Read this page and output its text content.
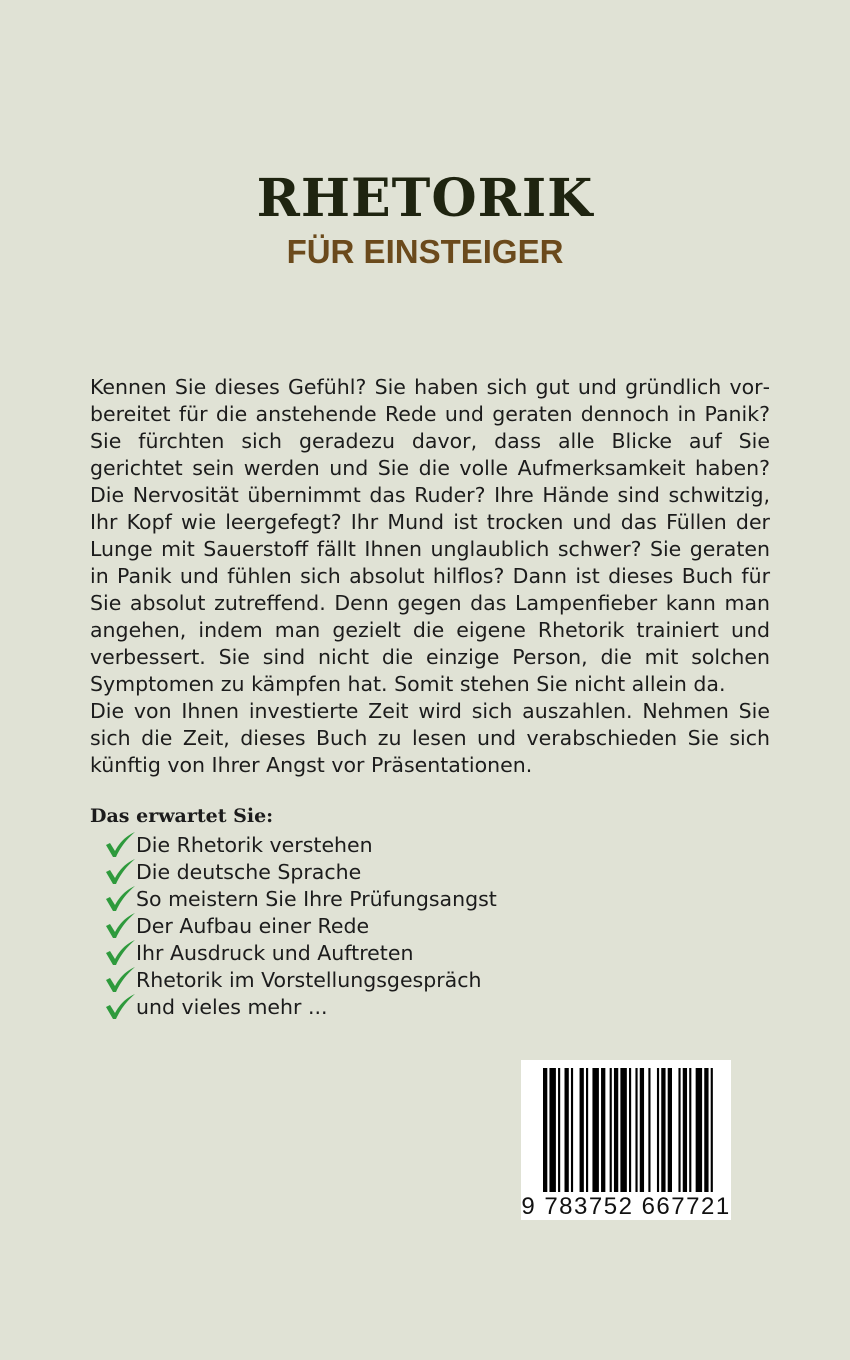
RHETORIK
FÜR EINSTEIGER

Kennen Sie dieses Gefühl? Sie haben sich gut und gründlich vorbereitet für die anstehende Rede und geraten dennoch in Panik? Sie fürchten sich geradezu davor, dass alle Blicke auf Sie gerichtet sein werden und Sie die volle Aufmerksamkeit haben? Die Nervosität übernimmt das Ruder? Ihre Hände sind schwitzig, Ihr Kopf wie leergefegt? Ihr Mund ist trocken und das Füllen der Lunge mit Sauerstoff fällt Ihnen unglaublich schwer? Sie geraten in Panik und fühlen sich absolut hilflos? Dann ist dieses Buch für Sie absolut zutreffend. Denn gegen das Lampenfieber kann man angehen, indem man gezielt die eigene Rhetorik trainiert und verbessert. Sie sind nicht die einzige Person, die mit solchen Symptomen zu kämpfen hat. Somit stehen Sie nicht allein da.

Die von Ihnen investierte Zeit wird sich auszahlen. Nehmen Sie sich die Zeit, dieses Buch zu lesen und verabschieden Sie sich künftig von Ihrer Angst vor Präsentationen.

Das erwartet Sie:
Die Rhetorik verstehen
Die deutsche Sprache
So meistern Sie Ihre Prüfungsangst
Der Aufbau einer Rede
Ihr Ausdruck und Auftreten
Rhetorik im Vorstellungsgespräch
und vieles mehr ...
9 783752 667721
